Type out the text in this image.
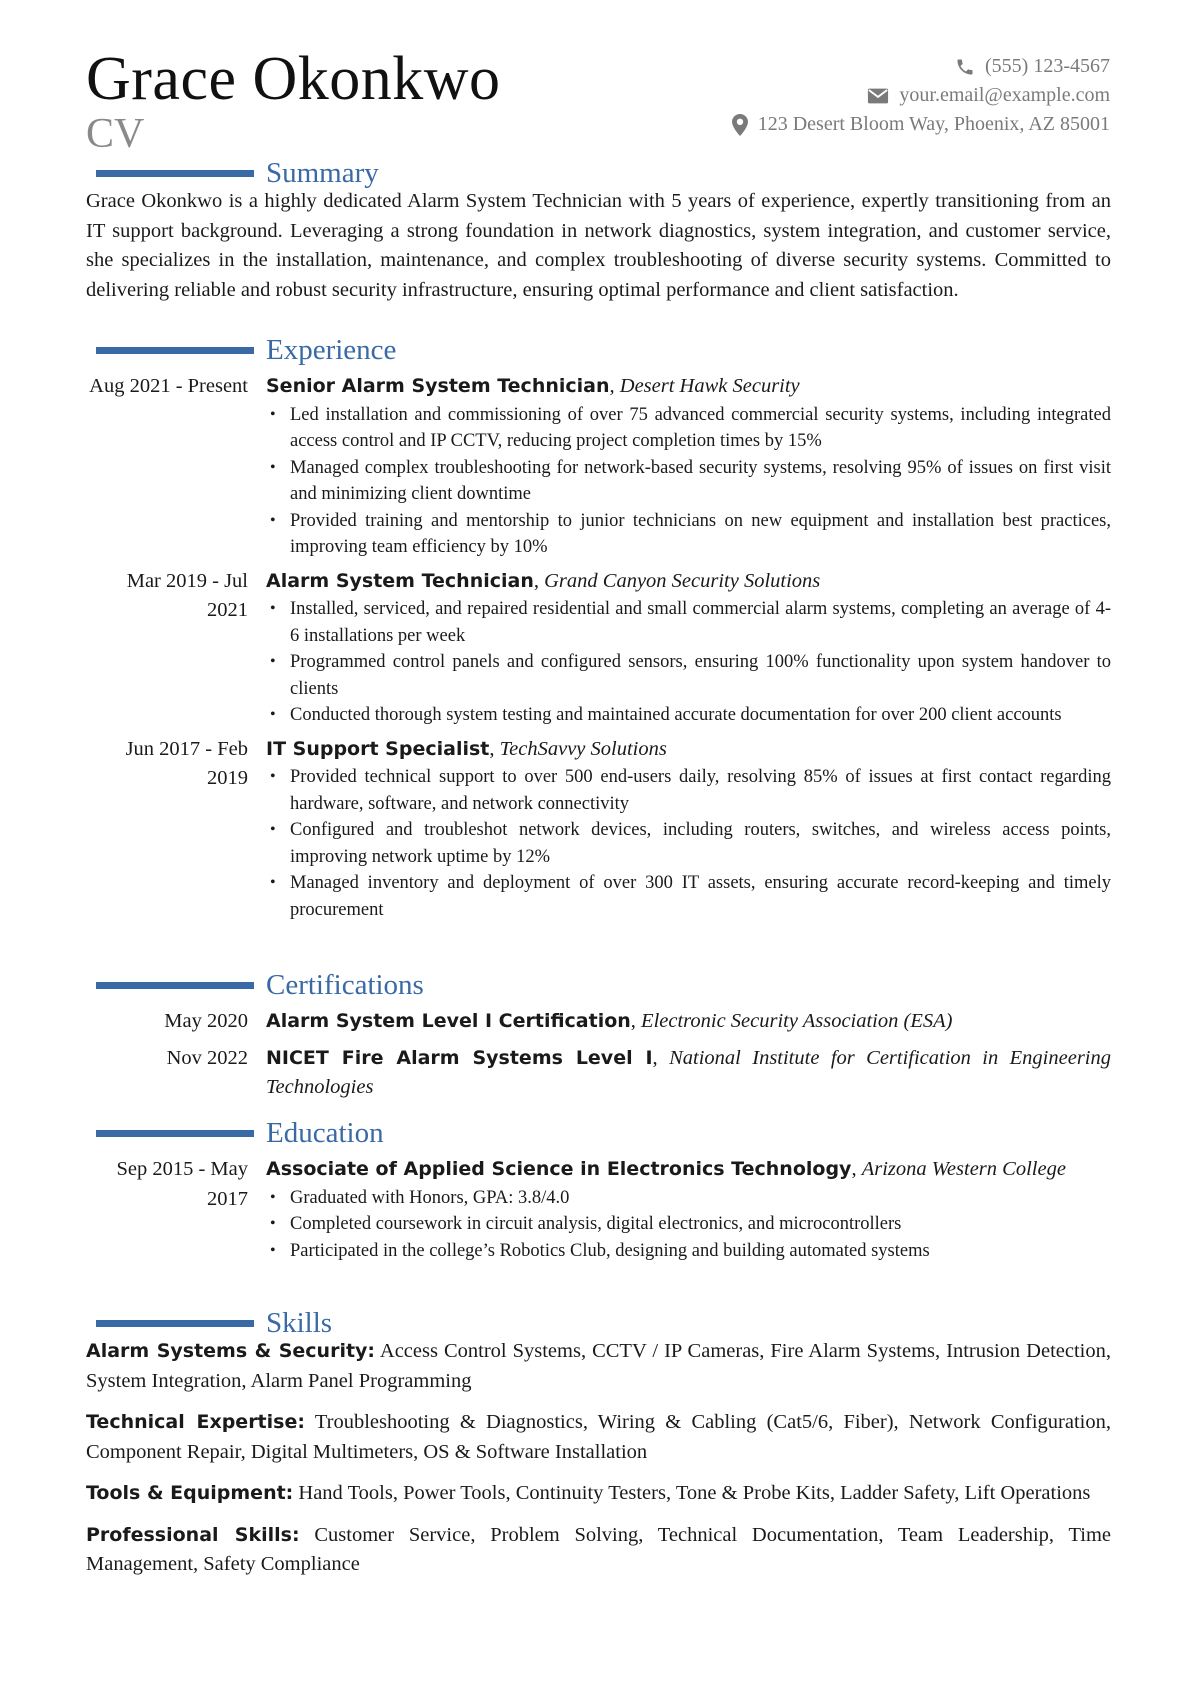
Grace Okonkwo
CV
(555) 123-4567
your.email@example.com
123 Desert Bloom Way, Phoenix, AZ 85001
Summary
Grace Okonkwo is a highly dedicated Alarm System Technician with 5 years of experience, expertly transitioning from an IT support background. Leveraging a strong foundation in network diagnostics, system integration, and customer service, she specializes in the installation, maintenance, and complex troubleshooting of diverse security systems. Committed to delivering reliable and robust security infrastructure, ensuring optimal performance and client satisfaction.
Experience
Aug 2021 - Present Senior Alarm System Technician, Desert Hawk Security
• Led installation and commissioning of over 75 advanced commercial security systems, including integrated access control and IP CCTV, reducing project completion times by 15%
• Managed complex troubleshooting for network-based security systems, resolving 95% of issues on first visit and minimizing client downtime
• Provided training and mentorship to junior technicians on new equipment and installation best practices, improving team efficiency by 10%
Mar 2019 - Jul 2021
Alarm System Technician, Grand Canyon Security Solutions
• Installed, serviced, and repaired residential and small commercial alarm systems, completing an average of 4-6 installations per week
• Programmed control panels and configured sensors, ensuring 100% functionality upon system handover to clients
• Conducted thorough system testing and maintained accurate documentation for over 200 client accounts
Jun 2017 - Feb 2019
IT Support Specialist, TechSavvy Solutions
• Provided technical support to over 500 end-users daily, resolving 85% of issues at first contact regarding hardware, software, and network connectivity
• Configured and troubleshot network devices, including routers, switches, and wireless access points, improving network uptime by 12%
• Managed inventory and deployment of over 300 IT assets, ensuring accurate record-keeping and timely procurement
Certifications
May 2020 Alarm System Level I Certification, Electronic Security Association (ESA)
Nov 2022 NICET Fire Alarm Systems Level I, National Institute for Certification in Engineering Technologies
Education
Sep 2015 - May 2017
Associate of Applied Science in Electronics Technology, Arizona Western College
• Graduated with Honors, GPA: 3.8/4.0
• Completed coursework in circuit analysis, digital electronics, and microcontrollers
• Participated in the college’s Robotics Club, designing and building automated systems
Skills

Alarm Systems & Security: Access Control Systems, CCTV / IP Cameras, Fire Alarm Systems, Intrusion Detection, System Integration, Alarm Panel Programming

Technical Expertise: Troubleshooting & Diagnostics, Wiring & Cabling (Cat5/6, Fiber), Network Configuration, Component Repair, Digital Multimeters, OS & Software Installation

Tools & Equipment: Hand Tools, Power Tools, Continuity Testers, Tone & Probe Kits, Ladder Safety, Lift Operations

Professional Skills: Customer Service, Problem Solving, Technical Documentation, Team Leadership, Time Management, Safety Compliance
